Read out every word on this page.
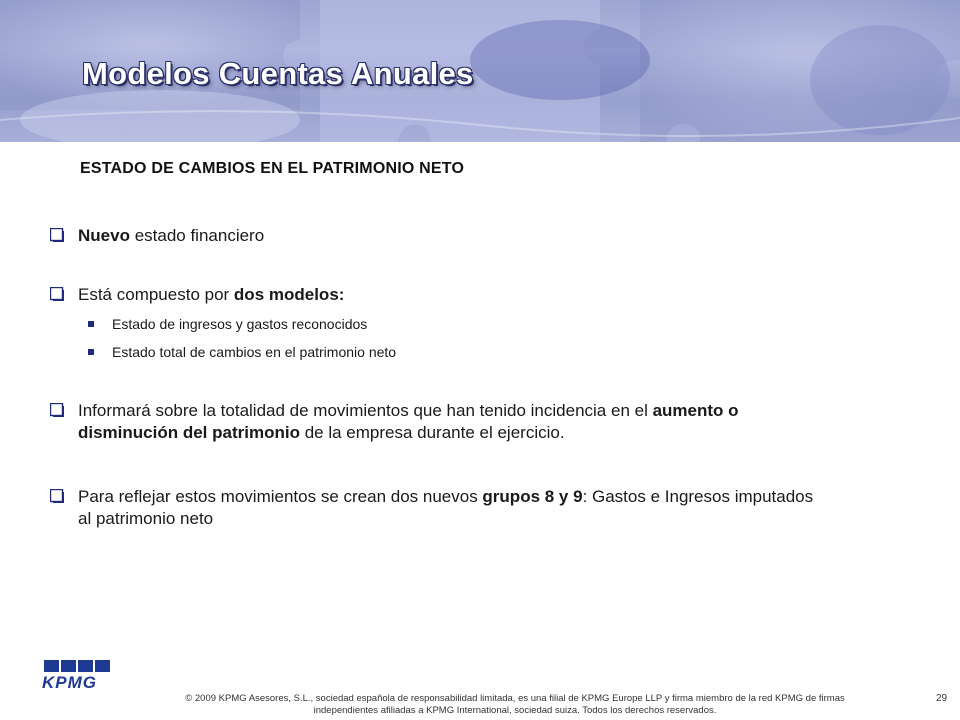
Modelos Cuentas Anuales
ESTADO DE CAMBIOS EN EL PATRIMONIO NETO
Nuevo estado financiero
Está compuesto por dos modelos:
Estado de ingresos y gastos reconocidos
Estado total de cambios en el patrimonio neto
Informará sobre la totalidad de movimientos que han tenido incidencia en el aumento o disminución del patrimonio de la empresa durante el ejercicio.
Para reflejar estos movimientos se crean dos nuevos grupos 8 y 9: Gastos e Ingresos imputados al patrimonio neto
KPMG
© 2009 KPMG Asesores, S.L., sociedad española de responsabilidad limitada, es una filial de KPMG Europe LLP y firma miembro de la red KPMG de firmas
independientes afiliadas a KPMG International, sociedad suiza. Todos los derechos reservados.
29
